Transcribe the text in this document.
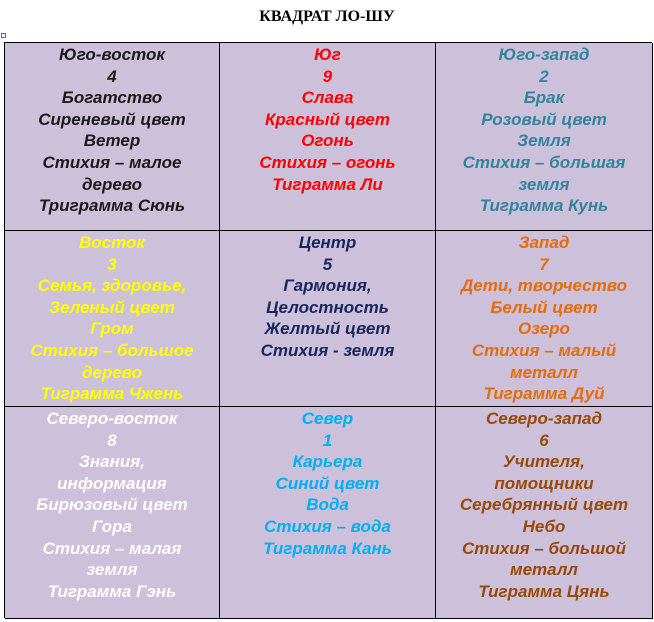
КВАДРАТ ЛО-ШУ
Юго-восток
4
Богатство
Сиреневый цвет
Ветер
Стихия – малое
дерево
Триграмма Сюнь
Юг
9
Слава
Красный цвет
Огонь
Стихия – огонь
Тиграмма Ли
Юго-запад
2
Брак
Розовый цвет
Земля
Стихия – большая
земля
Тиграмма Кунь
Восток
3
Семья, здоровье,
Зеленый цвет
Гром
Стихия – большое
дерево
Тиграмма Чжень
Центр
5
Гармония,
Целостность
Желтый цвет
Стихия - земля
Запад
7
Дети, творчество
Белый цвет
Озеро
Стихия – малый
металл
Тиграмма Дуй
Северо-восток
8
Знания,
информация
Бирюзовый цвет
Гора
Стихия – малая
земля
Тиграмма Гэнь
Север
1
Карьера
Синий цвет
Вода
Стихия – вода
Тиграмма Кань
Северо-запад
6
Учителя,
помощники
Серебрянный цвет
Небо
Стихия – большой
металл
Тиграмма Цянь
